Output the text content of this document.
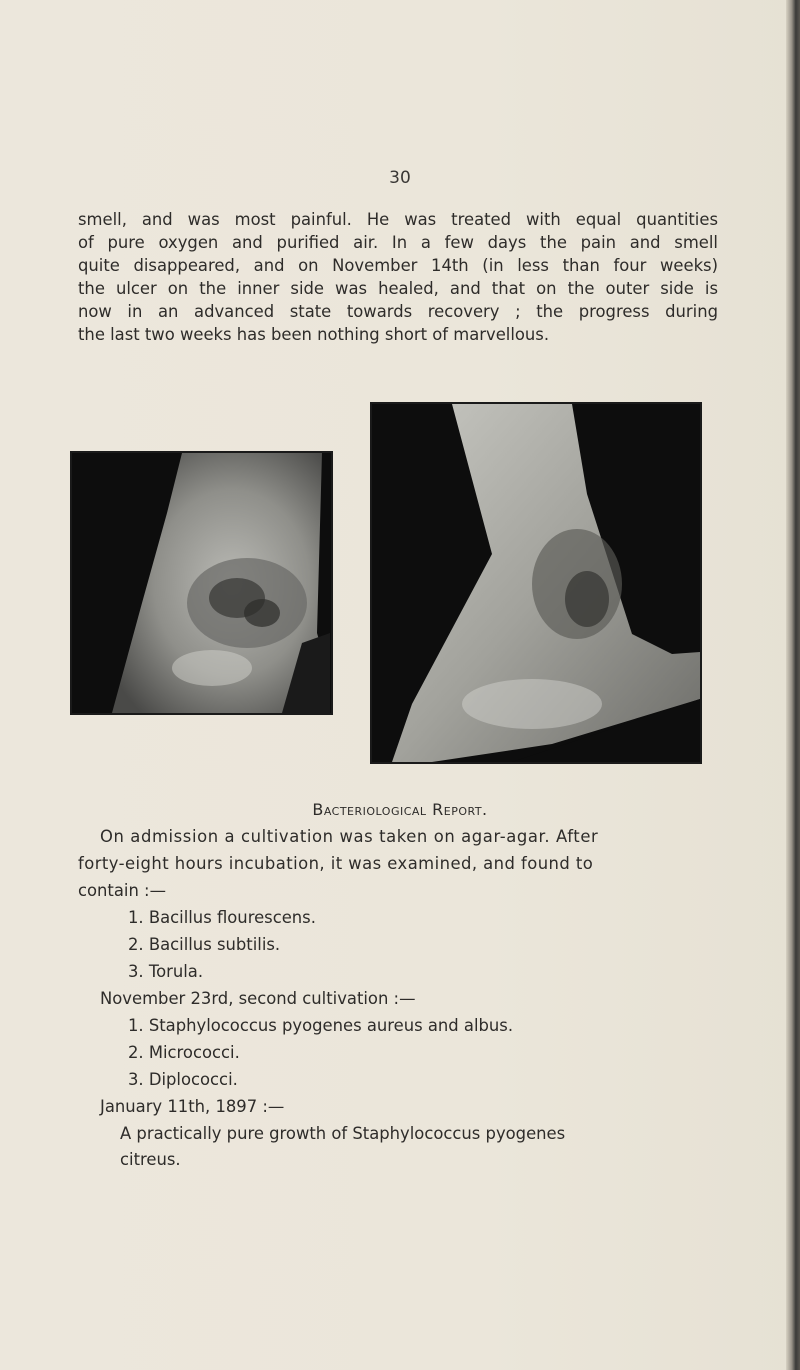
30
smell, and was most painful. He was treated with equal quantities
of pure oxygen and purified air. In a few days the pain and smell
quite disappeared, and on November 14th (in less than four weeks)
the ulcer on the inner side was healed, and that on the outer side is
now in an advanced state towards recovery ; the progress during
the last two weeks has been nothing short of marvellous.
Bacteriological Report.
On admission a cultivation was taken on agar-agar. After
forty-eight hours incubation, it was examined, and found to
contain :—
1. Bacillus flourescens.
2. Bacillus subtilis.
3. Torula.
November 23rd, second cultivation :—
1. Staphylococcus pyogenes aureus and albus.
2. Micrococci.
3. Diplococci.
January 11th, 1897 :—
A practically pure growth of Staphylococcus pyogenes
citreus.
